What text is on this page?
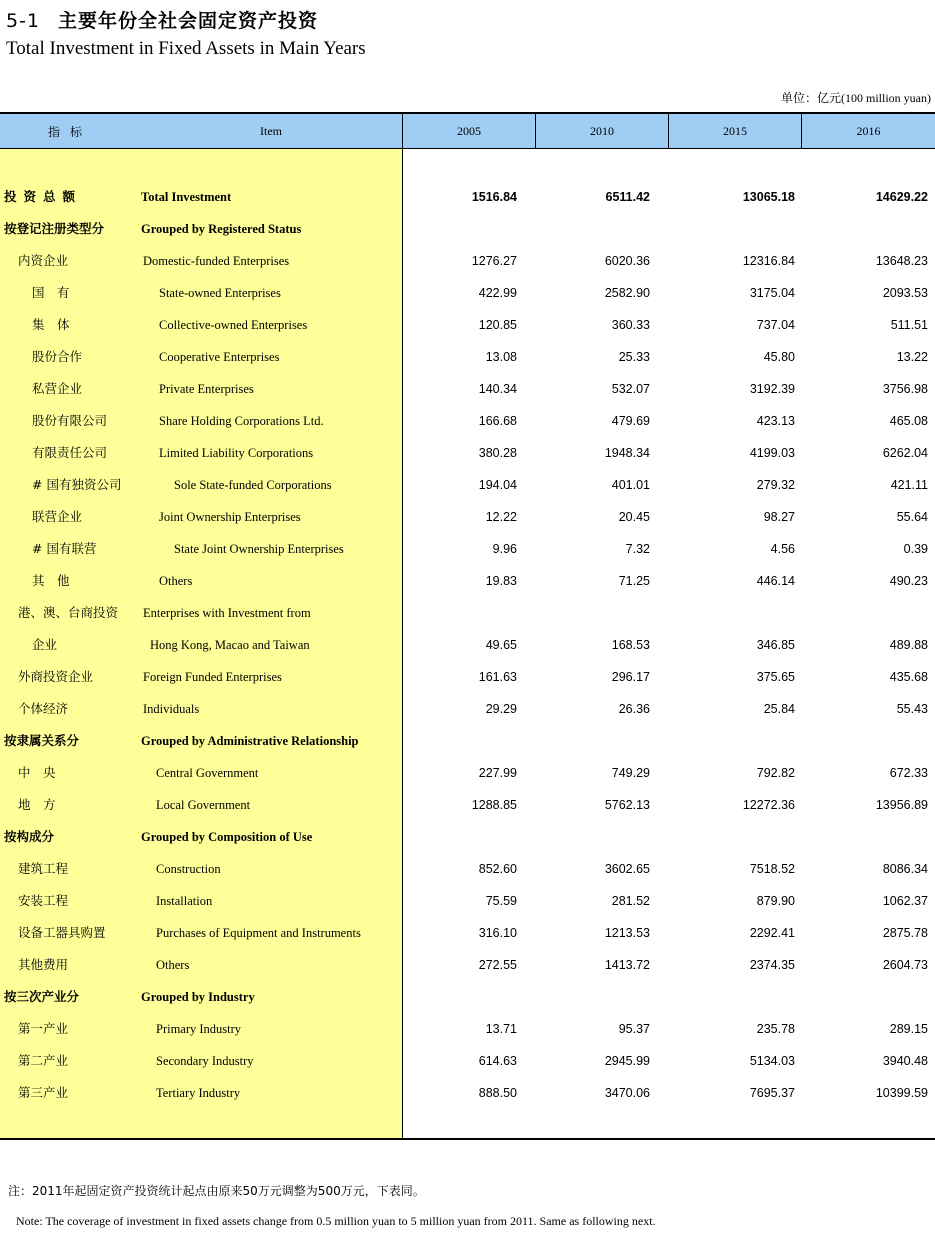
5-1 主要年份全社会固定资产投资
Total Investment in Fixed Assets in Main Years
单位：亿元(100 million yuan)
指标	Item	2005	2010	2015	2016
投资总额	Total Investment	1516.84	6511.42	13065.18	14629.22
按登记注册类型分	Grouped by Registered Status
内资企业	Domestic-funded Enterprises	1276.27	6020.36	12316.84	13648.23
国　有	State-owned Enterprises	422.99	2582.90	3175.04	2093.53
集　体	Collective-owned Enterprises	120.85	360.33	737.04	511.51
股份合作	Cooperative Enterprises	13.08	25.33	45.80	13.22
私营企业	Private Enterprises	140.34	532.07	3192.39	3756.98
股份有限公司	Share Holding Corporations Ltd.	166.68	479.69	423.13	465.08
有限责任公司	Limited Liability Corporations	380.28	1948.34	4199.03	6262.04
# 国有独资公司	Sole State-funded Corporations	194.04	401.01	279.32	421.11
联营企业	Joint Ownership Enterprises	12.22	20.45	98.27	55.64
# 国有联营	State Joint Ownership Enterprises	9.96	7.32	4.56	0.39
其　他	Others	19.83	71.25	446.14	490.23
港、澳、台商投资 Enterprises with Investment from
企业	Hong Kong, Macao and Taiwan	49.65	168.53	346.85	489.88
外商投资企业	Foreign Funded Enterprises	161.63	296.17	375.65	435.68
个体经济	Individuals	29.29	26.36	25.84	55.43
按隶属关系分	Grouped by Administrative Relationship
中　央	Central Government	227.99	749.29	792.82	672.33
地　方	Local Government	1288.85	5762.13	12272.36	13956.89
按构成分	Grouped by Composition of Use
建筑工程	Construction	852.60	3602.65	7518.52	8086.34
安装工程	Installation	75.59	281.52	879.90	1062.37
设备工器具购置	Purchases of Equipment and Instruments	316.10	1213.53	2292.41	2875.78
其他费用	Others	272.55	1413.72	2374.35	2604.73
按三次产业分	Grouped by Industry
第一产业	Primary Industry	13.71	95.37	235.78	289.15
第二产业	Secondary Industry	614.63	2945.99	5134.03	3940.48
第三产业	Tertiary Industry	888.50	3470.06	7695.37	10399.59
注：2011年起固定资产投资统计起点由原来50万元调整为500万元，下表同。
Note: The coverage of investment in fixed assets change from 0.5 million yuan to 5 million yuan from 2011. Same as following next.
